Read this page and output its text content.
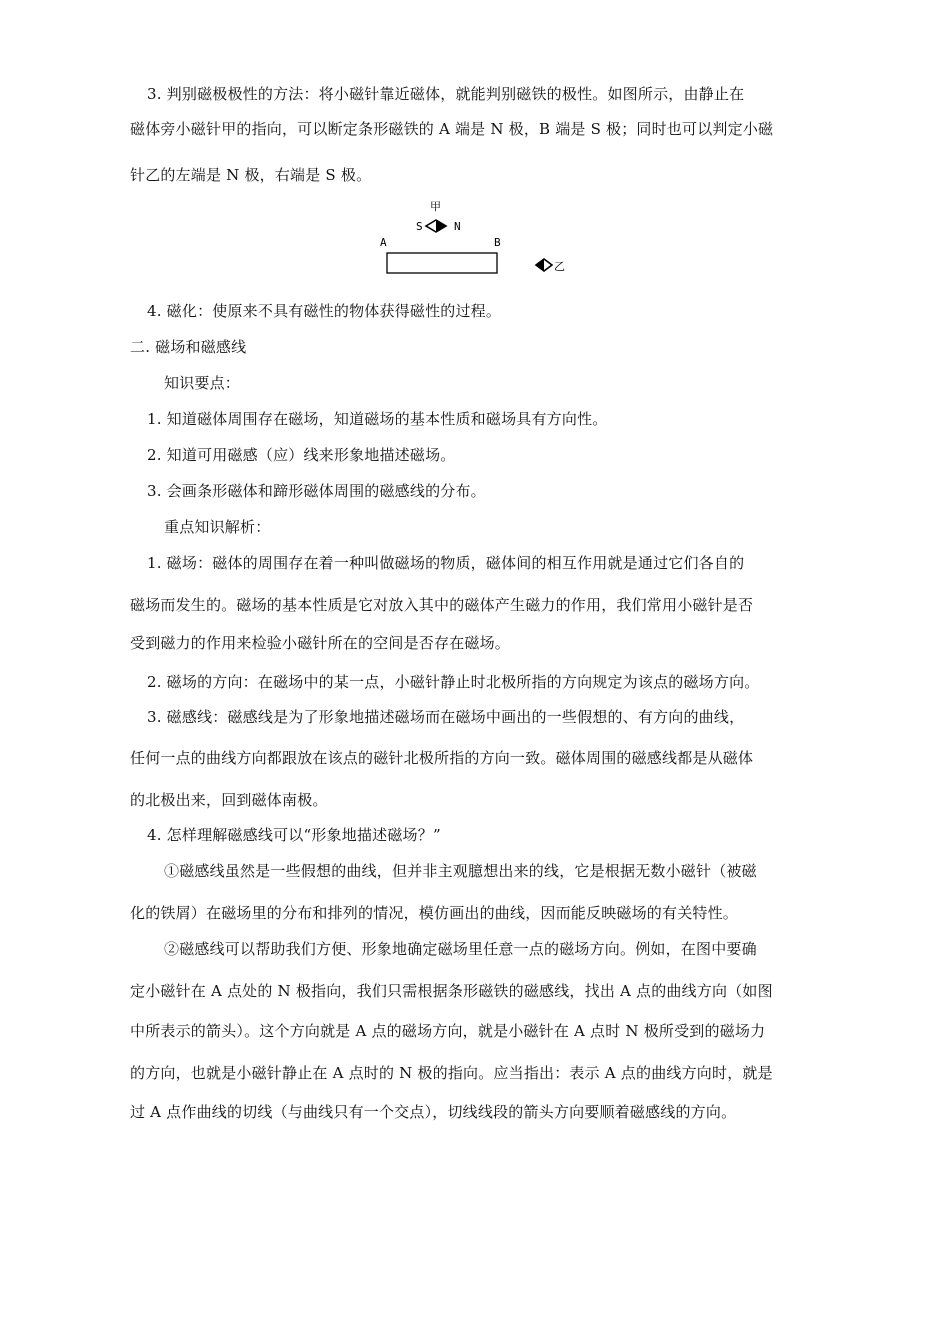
3. 判别磁极极性的方法：将小磁针靠近磁体，就能判别磁铁的极性。如图所示，由静止在
磁体旁小磁针甲的指向，可以断定条形磁铁的 A 端是 N 极，B 端是 S 极；同时也可以判定小磁
针乙的左端是 N 极，右端是 S 极。
甲
S	N
A	B
乙
4. 磁化：使原来不具有磁性的物体获得磁性的过程。
二. 磁场和磁感线
知识要点：
1. 知道磁体周围存在磁场，知道磁场的基本性质和磁场具有方向性。
2. 知道可用磁感（应）线来形象地描述磁场。
3. 会画条形磁体和蹄形磁体周围的磁感线的分布。
重点知识解析：
1. 磁场：磁体的周围存在着一种叫做磁场的物质，磁体间的相互作用就是通过它们各自的
磁场而发生的。磁场的基本性质是它对放入其中的磁体产生磁力的作用，我们常用小磁针是否
受到磁力的作用来检验小磁针所在的空间是否存在磁场。
2. 磁场的方向：在磁场中的某一点，小磁针静止时北极所指的方向规定为该点的磁场方向。
3. 磁感线：磁感线是为了形象地描述磁场而在磁场中画出的一些假想的、有方向的曲线，
任何一点的曲线方向都跟放在该点的磁针北极所指的方向一致。磁体周围的磁感线都是从磁体
的北极出来，回到磁体南极。
4. 怎样理解磁感线可以“形象地描述磁场？”
①磁感线虽然是一些假想的曲线，但并非主观臆想出来的线，它是根据无数小磁针（被磁
化的铁屑）在磁场里的分布和排列的情况，模仿画出的曲线，因而能反映磁场的有关特性。
②磁感线可以帮助我们方便、形象地确定磁场里任意一点的磁场方向。例如，在图中要确
定小磁针在 A 点处的 N 极指向，我们只需根据条形磁铁的磁感线，找出 A 点的曲线方向（如图
中所表示的箭头）。这个方向就是 A 点的磁场方向，就是小磁针在 A 点时 N 极所受到的磁场力
的方向，也就是小磁针静止在 A 点时的 N 极的指向。应当指出：表示 A 点的曲线方向时，就是
过 A 点作曲线的切线（与曲线只有一个交点），切线线段的箭头方向要顺着磁感线的方向。
